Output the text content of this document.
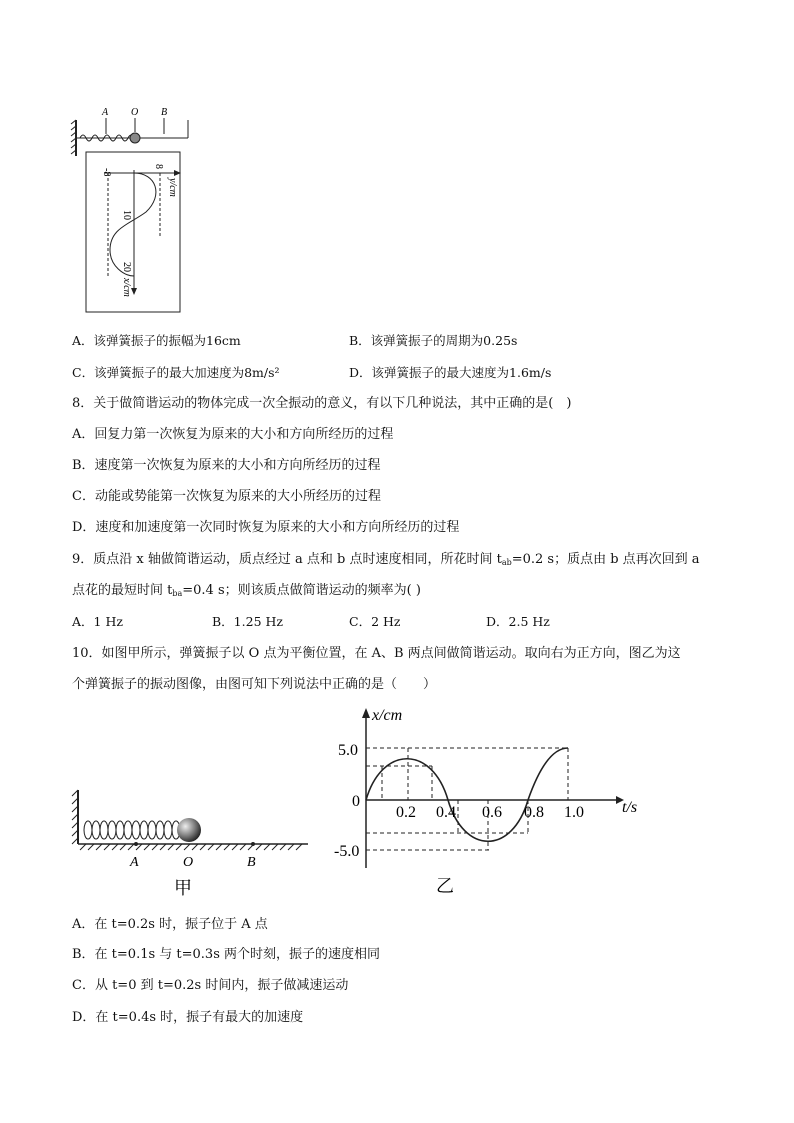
A O B
-8
8
y/cm
10
20
x/cm
A．该弹簧振子的振幅为16cm	B．该弹簧振子的周期为0.25s
C．该弹簧振子的最大加速度为8m/s²	D．该弹簧振子的最大速度为1.6m/s
8．关于做简谐运动的物体完成一次全振动的意义，有以下几种说法，其中正确的是(　)
A．回复力第一次恢复为原来的大小和方向所经历的过程
B．速度第一次恢复为原来的大小和方向所经历的过程
C．动能或势能第一次恢复为原来的大小所经历的过程
D．速度和加速度第一次同时恢复为原来的大小和方向所经历的过程
9．质点沿 x 轴做简谐运动，质点经过 a 点和 b 点时速度相同，所花时间 $t_{ab}=0.2$ s；质点由 b 点再次回到 a
点花的最短时间 $t_{ba}=0.4$ s；则该质点做简谐运动的频率为( )
A．1 Hz	B．1.25 Hz	C．2 Hz	D．2.5 Hz
10．如图甲所示，弹簧振子以 O 点为平衡位置，在 A、B 两点间做简谐运动。取向右为正方向，图乙为这
个弹簧振子的振动图像，由图可知下列说法中正确的是（　　）
A	O	B
甲
x/cm
t/s
5.0
0
-5.0
0.2 0.4 0.6 0.8 1.0
乙
A．在 t=0.2s 时，振子位于 A 点
B．在 t=0.1s 与 t=0.3s 两个时刻，振子的速度相同
C．从 t=0 到 t=0.2s 时间内，振子做减速运动
D．在 t=0.4s 时，振子有最大的加速度
